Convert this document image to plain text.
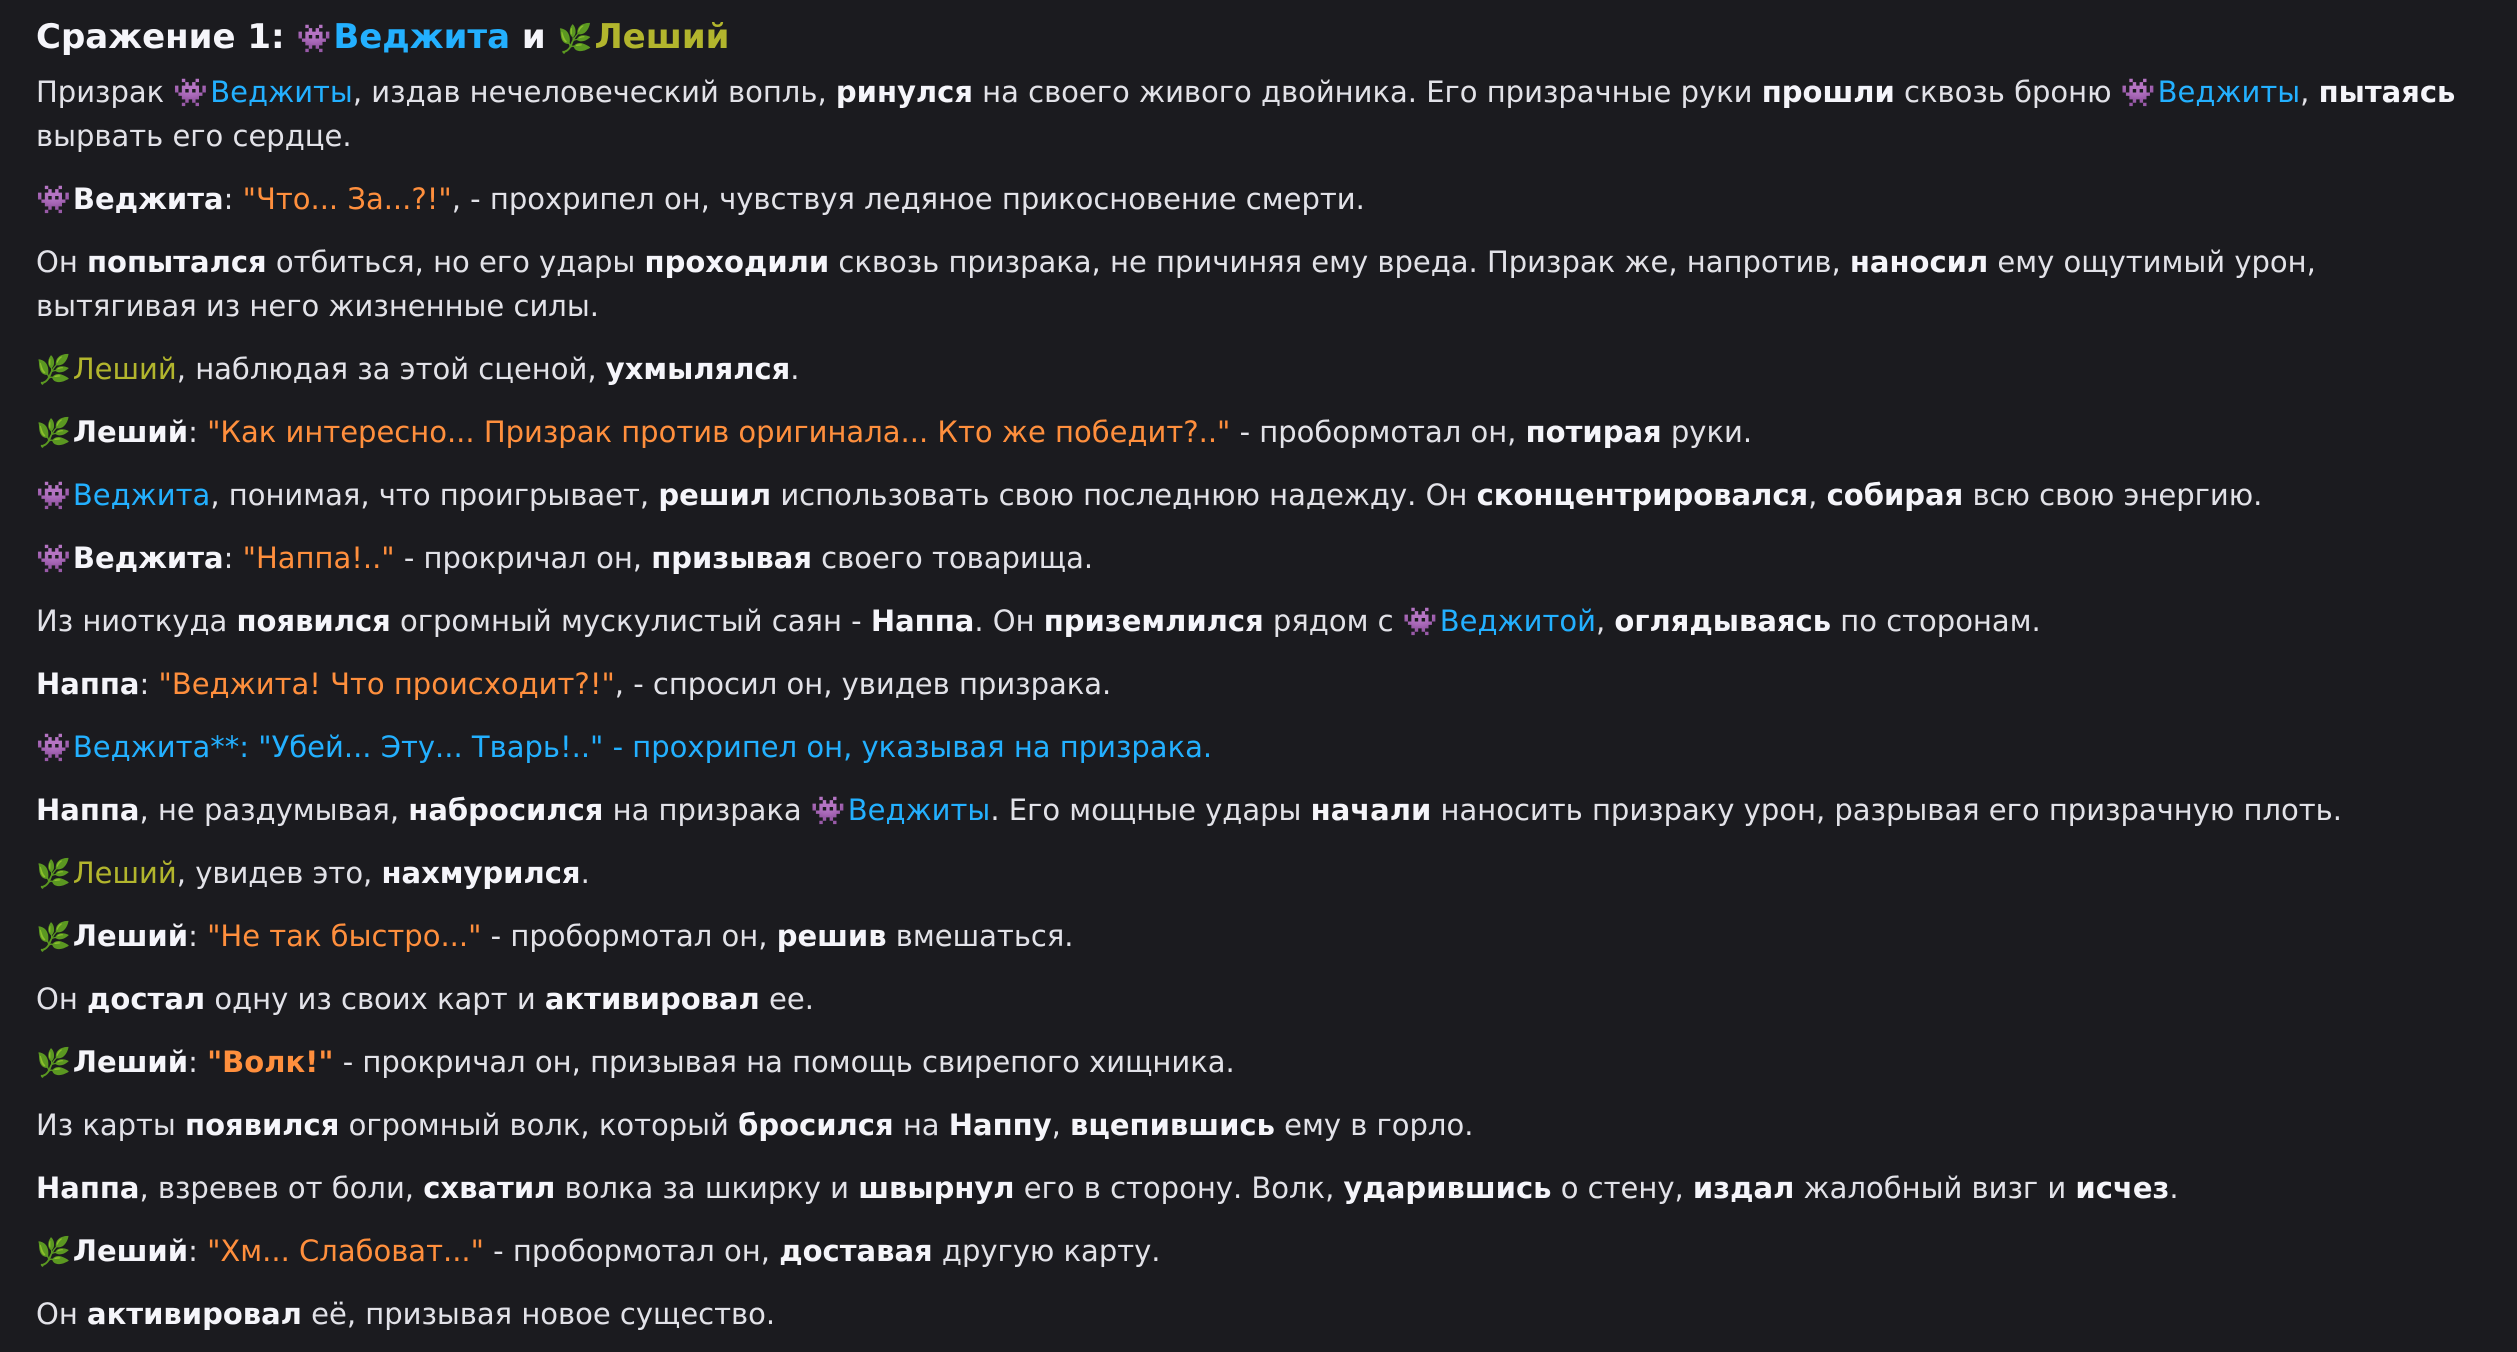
Сражение 1: 👾Веджита и 🌿Леший
Призрак 👾Веджиты, издав нечеловеческий вопль, ринулся на своего живого двойника. Его призрачные руки прошли сквозь броню 👾Веджиты, пытаясь вырвать его сердце.
👾Веджита: "Что... За...?!", - прохрипел он, чувствуя ледяное прикосновение смерти.
Он попытался отбиться, но его удары проходили сквозь призрака, не причиняя ему вреда. Призрак же, напротив, наносил ему ощутимый урон, вытягивая из него жизненные силы.
🌿Леший, наблюдая за этой сценой, ухмылялся.
🌿Леший: "Как интересно... Призрак против оригинала... Кто же победит?.." - пробормотал он, потирая руки.
👾Веджита, понимая, что проигрывает, решил использовать свою последнюю надежду. Он сконцентрировался, собирая всю свою энергию.
👾Веджита: "Наппа!.." - прокричал он, призывая своего товарища.
Из ниоткуда появился огромный мускулистый саян - Наппа. Он приземлился рядом с 👾Веджитой, оглядываясь по сторонам.
Наппа: "Веджита! Что происходит?!", - спросил он, увидев призрака.
👾Веджита**: "Убей... Эту... Тварь!.." - прохрипел он, указывая на призрака.
Наппа, не раздумывая, набросился на призрака 👾Веджиты. Его мощные удары начали наносить призраку урон, разрывая его призрачную плоть.
🌿Леший, увидев это, нахмурился.
🌿Леший: "Не так быстро..." - пробормотал он, решив вмешаться.
Он достал одну из своих карт и активировал ее.
🌿Леший: "Волк!" - прокричал он, призывая на помощь свирепого хищника.
Из карты появился огромный волк, который бросился на Наппу, вцепившись ему в горло.
Наппа, взревев от боли, схватил волка за шкирку и швырнул его в сторону. Волк, ударившись о стену, издал жалобный визг и исчез.
🌿Леший: "Хм... Слабоват..." - пробормотал он, доставая другую карту.
Он активировал её, призывая новое существо.
